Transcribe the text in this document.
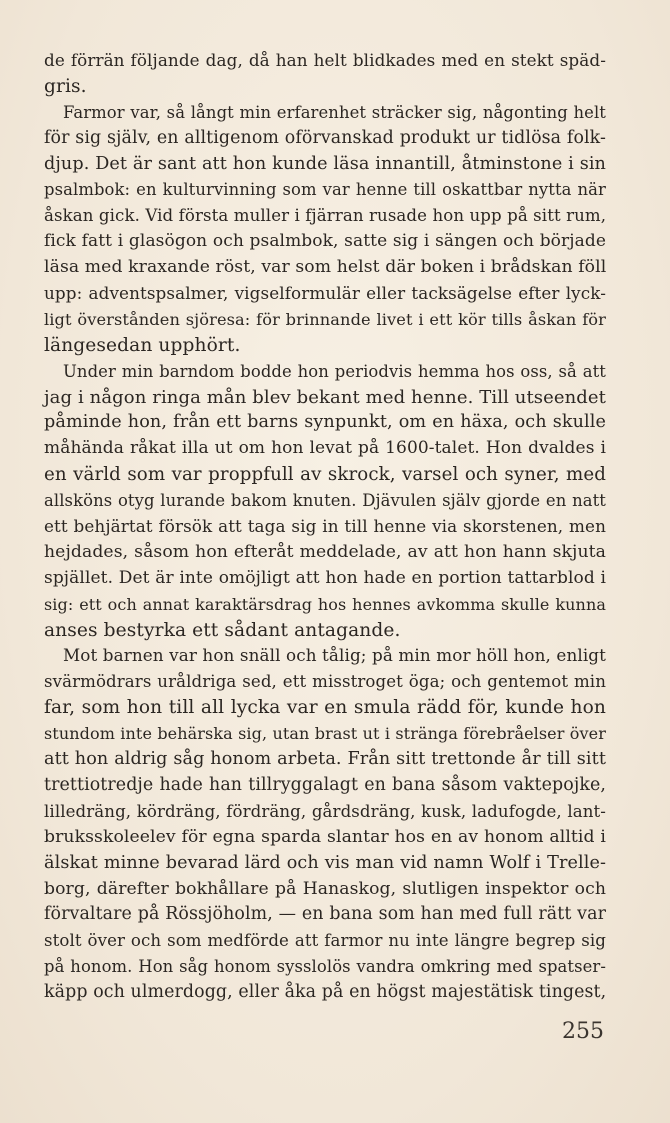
de förrän följande dag, då han helt blidkades med en stekt späd-
gris.
Farmor var, så långt min erfarenhet sträcker sig, någonting helt
för sig själv, en alltigenom oförvanskad produkt ur tidlösa folk-
djup. Det är sant att hon kunde läsa innantill, åtminstone i sin
psalmbok: en kulturvinning som var henne till oskattbar nytta när
åskan gick. Vid första muller i fjärran rusade hon upp på sitt rum,
fick fatt i glasögon och psalmbok, satte sig i sängen och började
läsa med kraxande röst, var som helst där boken i brådskan föll
upp: adventspsalmer, vigselformulär eller tacksägelse efter lyck-
ligt överstånden sjöresa: för brinnande livet i ett kör tills åskan för
längesedan upphört.
Under min barndom bodde hon periodvis hemma hos oss, så att
jag i någon ringa mån blev bekant med henne. Till utseendet
påminde hon, från ett barns synpunkt, om en häxa, och skulle
måhända råkat illa ut om hon levat på 1600-talet. Hon dvaldes i
en värld som var proppfull av skrock, varsel och syner, med
allsköns otyg lurande bakom knuten. Djävulen själv gjorde en natt
ett behjärtat försök att taga sig in till henne via skorstenen, men
hejdades, såsom hon efteråt meddelade, av att hon hann skjuta
spjället. Det är inte omöjligt att hon hade en portion tattarblod i
sig: ett och annat karaktärsdrag hos hennes avkomma skulle kunna
anses bestyrka ett sådant antagande.
Mot barnen var hon snäll och tålig; på min mor höll hon, enligt
svärmödrars uråldriga sed, ett misstroget öga; och gentemot min
far, som hon till all lycka var en smula rädd för, kunde hon
stundom inte behärska sig, utan brast ut i stränga förebråelser över
att hon aldrig såg honom arbeta. Från sitt trettonde år till sitt
trettiotredje hade han tillryggalagt en bana såsom vaktepojke,
lilledräng, kördräng, fördräng, gårdsdräng, kusk, ladufogde, lant-
bruksskoleelev för egna sparda slantar hos en av honom alltid i
älskat minne bevarad lärd och vis man vid namn Wolf i Trelle-
borg, därefter bokhållare på Hanaskog, slutligen inspektor och
förvaltare på Rössjöholm, — en bana som han med full rätt var
stolt över och som medförde att farmor nu inte längre begrep sig
på honom. Hon såg honom sysslolös vandra omkring med spatser-
käpp och ulmerdogg, eller åka på en högst majestätisk tingest,
255
